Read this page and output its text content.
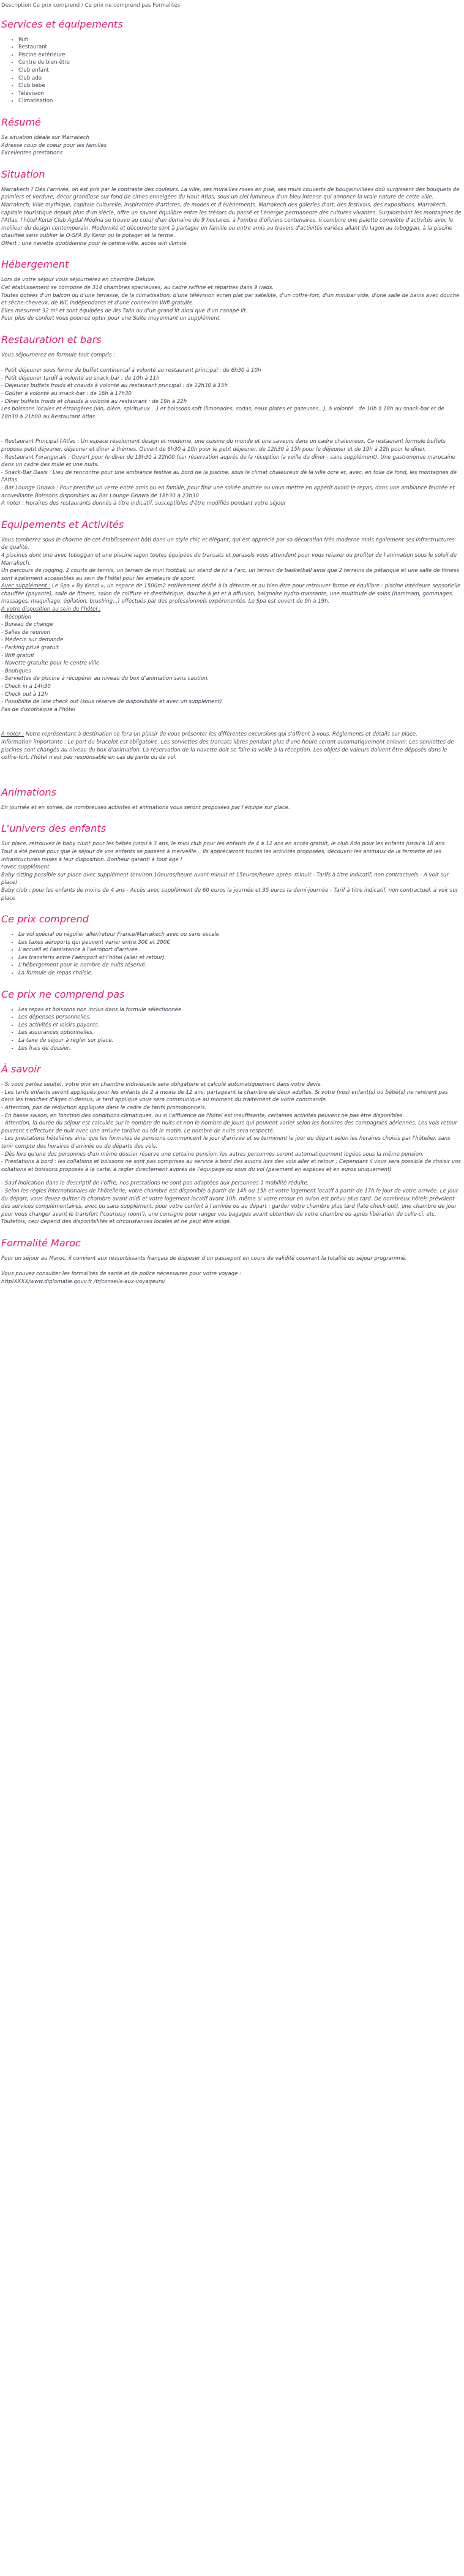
Description Ce prix comprend / Ce prix ne comprend pas Formalités
Services et équipements
• Wifi
• Restaurant
• Piscine extérieure
• Centre de bien-être
• Club enfant
• Club ado
• Club bébé
• Télévision
• Climatisation
Résumé
Sa situation idéale sur Marrakech
Adresse coup de coeur pour les familles
Excellentes prestations
Situation

Marrakech ? Dès l'arrivée, on est pris par le contraste des couleurs. La ville, ses murailles roses en pisé, ses murs couverts de bougainvillées doù surgissent des bouquets de palmiers et verdure, décor grandiose sur fond de cimes enneigées du Haut Atlas, sous un ciel lumineux d'un bleu intense qui annonce la vraie nature de cette ville. Marrakech, Ville mythique, capitale culturelle, inspiratrice d'artistes, de modes et d'évènements. Marrakech des galeries d'art, des festivals, des expositions. Marrakech, capitale touristique depuis plus d'un siècle, offre un savant équilibre entre les trésors du passé et l'énergie permanente des cultures vivantes. Surplombant les montagnes de l'Atlas, l'hôtel Kenzi Club Agdal Médina se trouve au cœur d'un domaine de 9 hectares, à l'ombre d'oliviers centenaires. Il combine une palette complète d'activités avec le meilleur du design contemporain. Modernité et découverte sont à partager en famille ou entre amis au travers d'activités variées allant du lagon au toboggan, à la piscine chauffée sans oublier le O-SPA By Kenzi ou le potager et la ferme.

Offert : une navette quotidienne pour le centre-ville, accès wifi illimité.

Hébergement
Lors de votre séjour vous séjournerez en chambre Deluxe.
Cet établissement se compose de 314 chambres spacieuses, au cadre raffiné et réparties dans 9 riads.
Toutes dotées d'un balcon ou d'une terrasse, de la climatisation, d'une télévision écran plat par satellite, d'un coffre-fort, d'un minibar vide, d'une salle de bains avec douche et sèche-cheveux, de WC indépendants et d'une connexion Wifi gratuite.
Elles mesurent 32 m² et sont équipées de lits Twin ou d'un grand lit ainsi que d'un canapé lit.
Pour plus de confort vous pourrez opter pour une Suite moyennant un supplément.
Restauration et bars
Vous séjournerez en formule tout compris :
- Petit déjeuner sous forme de buffet continental à volonté au restaurant principal : de 6h30 à 10h
- Petit déjeuner tardif à volonté au snack-bar : de 10h à 11h
- Déjeuner buffets froids et chauds à volonté au restaurant principal : de 12h30 à 15h
- Goûter à volonté au snack-bar : de 16h à 17h30
- Dîner buffets froids et chauds à volonté au restaurant : de 19h à 22h
Les boissons locales et étrangères (vin, bière, spiritueux ...) et boissons soft (limonades, sodas, eaux plates et gazeuses...), à volonté : de 10h à 18h au snack-bar et de 18h30 à 21h00 au Restaurant Atlas
- Restaurant Principal l'Atlas : Un espace résolument design et moderne, une cuisine du monde et une saveurs dans un cadre chaleureux. Ce restaurant formule buffets propose petit déjeuner, déjeuner et dîner à thèmes. Ouvert de 6h30 à 10h pour le petit déjeuner, de 12h30 à 15h pour le déjeuner et de 19h à 22h pour le dîner.
- Restaurant l'orangerais : Ouvert pour le dîner de 19h30 à 22h00 (sur réservation auprès de la réception la veille du dîner - sans supplément). Une gastronomie marocaine dans un cadre des mille et une nuits.
- Snack-Bar Oasis : Lieu de rencontre pour une ambiance festive au bord de la piscine, sous le climat chaleureux de la ville ocre et, avec, en toile de fond, les montagnes de l'Atlas.
- Bar Lounge Gnawa : Pour prendre un verre entre amis ou en famille, pour finir une soirée animée ou vous mettre en appétit avant le repas, dans une ambiance feutrée et accueillante.Boissons disponibles au Bar Lounge Gnawa de 18h30 à 23h30
A noter : Horaires des restaurants donnés à titre indicatif, susceptibles d'être modifiés pendant votre séjour
Equipements et Activités
Vous tomberez sous le charme de cet établissement bâti dans un style chic et élégant, qui est apprécié par sa décoration très moderne mais également ses infrastructures de qualité.
4 piscines dont une avec toboggan et une piscine lagon toutes équipées de transats et parasols vous attendent pour vous relaxer ou profiter de l'animation sous le soleil de Marrakech.
Un parcours de jogging, 2 courts de tennis, un terrain de mini football, un stand de tir à l'arc, un terrain de basketball ainsi que 2 terrains de pétanque et une salle de fitness sont également accessibles au sein de l'hôtel pour les amateurs de sport.
Avec supplément : Le Spa « By Kenzi », un espace de 1500m2 entièrement dédié à la détente et au bien-être pour retrouver forme et équilibre : piscine intérieure sensorielle chauffée (payante), salle de fitness, salon de coiffure et d'esthétique, douche à jet et à affusion, baignoire hydro-massante, une multitude de soins (hammam, gommages, massages, maquillage, épilation, brushing...) effectués par des professionnels expérimentés. Le Spa est ouvert de 9h à 19h.
A votre disposition au sein de l'hôtel :
- Réception
- Bureau de change
- Salles de réunion
- Médecin sur demande
- Parking privé gratuit
- Wifi gratuit
- Navette gratuite pour le centre ville
- Boutiques
- Serviettes de piscine à récupérer au niveau du box d'animation sans caution.
- Check in à 14h30
- Check out à 12h
- Possibilité de late check out (sous réserve de disponibilité et avec un supplément)
Pas de discothèque à l'hôtel
A noter : Notre représentant à destination se fera un plaisir de vous présenter les différentes excursions qui s'offrent à vous. Réglements et détails sur place.
Information importante : Le port du bracelet est obligatoire. Les serviettes des transats libres pendant plus d'une heure seront automatiquement enlever. Les serviettes de piscines sont changés au niveau du box d'animation. La réservation de la navette doit se faire la veille à la réception. Les objets de valeurs doivent être déposés dans le coffre-fort, l'hôtel n'est pas responsable en cas de perte ou de vol.
Animations
En journée et en soirée, de nombreuses activités et animations vous seront proposées par l'équipe sur place.
L'univers des enfants
Sur place, retrouvez le baby club* pour les bébés jusqu'à 3 ans, le mini club pour les enfants de 4 à 12 ans en accès gratuit, le club Ado pour les enfants jusqu'à 18 ans.
Tout a été pensé pour que le séjour de vos enfants se passent à merveille... Ils apprécieront toutes les activités proposées, découvrir les animaux de la fermette et les infrastructures mises à leur disposition. Bonheur garanti à tout âge !
*avec supplément
Baby sitting possible sur place avec supplément (environ 10euros/heure avant minuit et 15euros/heure après- minuit - Tarifs à titre indicatif, non contractuels - A voir sur place)
Baby club : pour les enfants de moins de 4 ans - Accès avec supplément de 60 euros la journée et 35 euros la demi-journée - Tarif à titre indicatif, non contractuel, à voir sur place
Ce prix comprend
• Le vol spécial ou régulier aller/retour France/Marrakech avec ou sans escale
• Les taxes aéroports qui peuvent varier entre 30€ et 200€
• L'accueil et l'assistance à l'aéroport d'arrivée.
• Les transferts entre l'aéroport et l'hôtel (aller et retour).
• L'hébergement pour le nombre de nuits réservé.
• La formule de repas choisie.
Ce prix ne comprend pas
• Les repas et boissons non inclus dans la formule sélectionnée.
• Les dépenses personnelles.
• Les activités et loisirs payants.
• Les assurances optionnelles.
• La taxe de séjour à régler sur place.
• Les frais de dossier.
À savoir
- Si vous partez seul(e), votre prix en chambre individuelle sera obligatoire et calculé automatiquement dans votre devis.
- Les tarifs enfants seront appliqués pour les enfants de 2 à moins de 12 ans, partageant la chambre de deux adultes. Si votre (vos) enfant(s) ou bébé(s) ne rentrent pas dans les tranches d'âges ci-dessus, le tarif appliqué vous sera communiqué au moment du traitement de votre commande.
- Attention, pas de réduction appliquée dans le cadre de tarifs promotionnels.
- En basse saison, en fonction des conditions climatiques, ou si l'affluence de l'hôtel est insuffisante, certaines activités peuvent ne pas être disponibles.
- Attention, la durée du séjour est calculée sur le nombre de nuits et non le nombre de jours qui peuvent varier selon les horaires des compagnies aériennes. Les vols retour pourront s'effectuer de nuit avec une arrivée tardive ou tôt le matin. Le nombre de nuits sera respecté.
- Les prestations hôtelières ainsi que les formules de pensions commencent le jour d'arrivée et se terminent le jour du départ selon les horaires choisis par l'hôtelier, sans tenir compte des horaires d'arrivée ou de départs des vols.
- Dès lors qu'une des personnes d'un même dossier réserve une certaine pension, les autres personnes seront automatiquement logées sous la même pension.
- Prestations à bord : les collations et boissons ne sont pas comprises au service à bord des avions lors des vols aller et retour ; Cependant il vous sera possible de choisir vos collations et boissons proposés à la carte, à régler directement auprès de l'équipage ou sous du vol (paiement en espèces et en euros uniquement)
- Sauf indication dans le descriptif de l'offre, nos prestations ne sont pas adaptées aux personnes à mobilité réduite.
- Selon les règles internationales de l'hôtellerie, votre chambre est disponible à partir de 14h ou 15h et votre logement locatif à partir de 17h le jour de votre arrivée. Le jour du départ, vous devez quitter la chambre avant midi et votre logement locatif avant 10h, même si votre retour en avion est prévu plus tard. De nombreux hôtels prévoient des services complémentaires, avec ou sans supplément, pour votre confort à l'arrivée ou au départ : garder votre chambre plus tard (late check-out), une chambre de jour pour vous changer avant le transfert ('courtesy room'), une consigne pour ranger vos bagages avant obtention de votre chambre ou après libération de celle-ci, etc. Toutefois, ceci dépend des disponibilités et circonstances locales et ne peut être exigé.
Formalité Maroc
Pour un séjour au Maroc, il convient aux ressortissants français de disposer d'un passeport en cours de validité couvrant la totalité du séjour programmé.
Vous pouvez consulter les formalités de santé et de police nécessaires pour votre voyage :
http/XXXX/www.diplomatie.gouv.fr /fr/conseils-aux-voyageurs/
